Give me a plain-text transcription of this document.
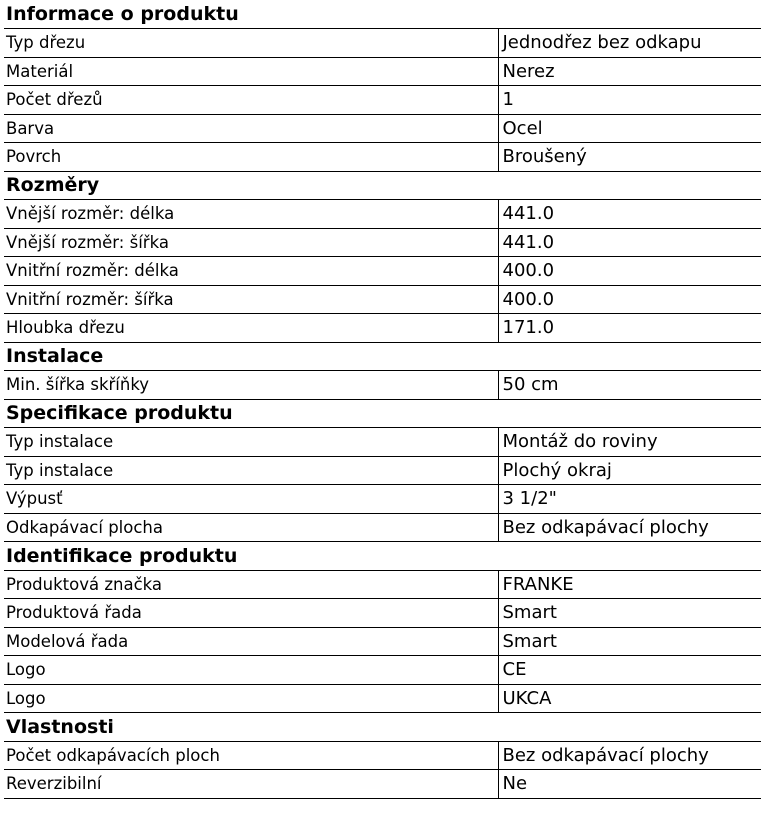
Informace o produktu	
Typ dřezu	Jednodřez bez odkapu
Materiál	Nerez
Počet dřezů	1
Barva	Ocel
Povrch	Broušený
Rozměry	
Vnější rozměr: délka	441.0
Vnější rozměr: šířka	441.0
Vnitřní rozměr: délka	400.0
Vnitřní rozměr: šířka	400.0
Hloubka dřezu	171.0
Instalace	
Min. šířka skříňky	50 cm
Specifikace produktu	
Typ instalace	Montáž do roviny
Typ instalace	Plochý okraj
Výpusť	3 1/2"
Odkapávací plocha	Bez odkapávací plochy
Identifikace produktu	
Produktová značka	FRANKE
Produktová řada	Smart
Modelová řada	Smart
Logo	CE
Logo	UKCA
Vlastnosti	
Počet odkapávacích ploch	Bez odkapávací plochy
Reverzibilní	Ne
